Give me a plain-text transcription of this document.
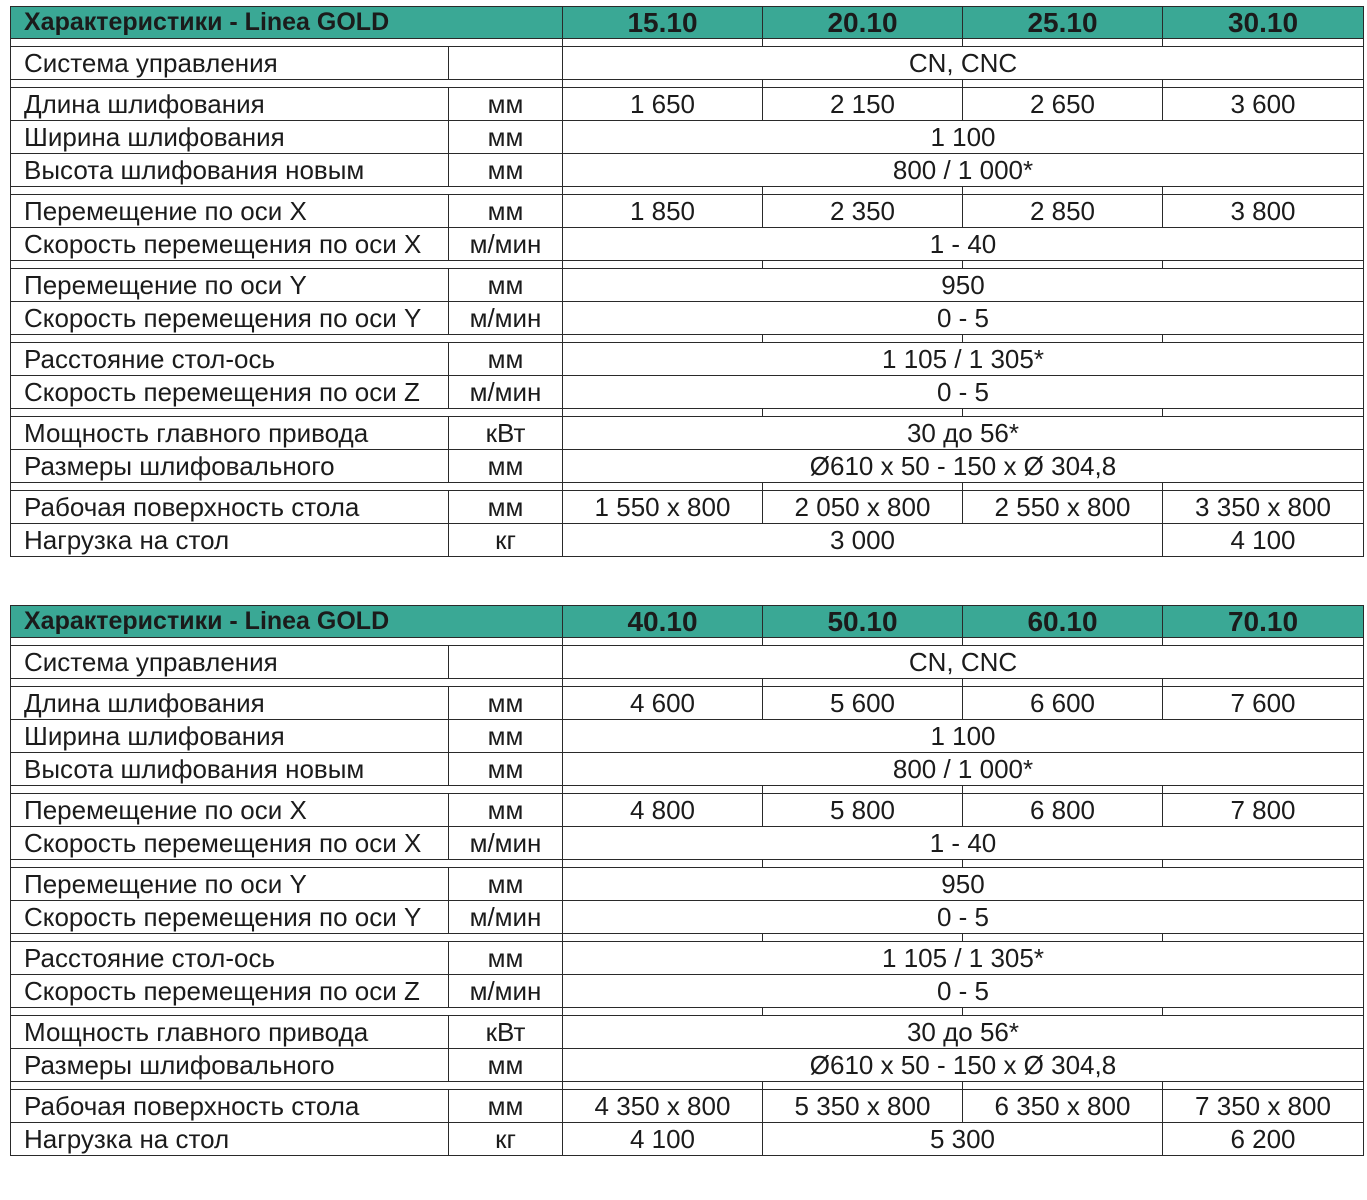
Характеристики - Linea GOLD		15.10	20.10	25.10	30.10

Система управления		CN, CNC			

Длина шлифования	мм	1 650	2 150	2 650	3 600
Ширина шлифования	мм	1 100			
Высота шлифования новым	мм	800 / 1 000*			

Перемещение по оси X	мм	1 850	2 350	2 850	3 800
Скорость перемещения по оси X	м/мин	1 - 40			

Перемещение по оси Y	мм	950			
Скорость перемещения по оси Y	м/мин	0 - 5			

Расстояние стол-ось	мм	1 105 / 1 305*			
Скорость перемещения по оси Z	м/мин	0 - 5			

Мощность главного привода	кВт	30 до 56*			
Размеры шлифовального	мм	Ø610 x 50 - 150 x Ø 304,8			

Рабочая поверхность стола	мм	1 550 x 800	2 050 x 800	2 550 x 800	3 350 x 800
Нагрузка на стол	кг	3 000			4 100
Характеристики - Linea GOLD		40.10	50.10	60.10	70.10

Система управления		CN, CNC			

Длина шлифования	мм	4 600	5 600	6 600	7 600
Ширина шлифования	мм	1 100			
Высота шлифования новым	мм	800 / 1 000*			

Перемещение по оси X	мм	4 800	5 800	6 800	7 800
Скорость перемещения по оси X	м/мин	1 - 40			

Перемещение по оси Y	мм	950			
Скорость перемещения по оси Y	м/мин	0 - 5			

Расстояние стол-ось	мм	1 105 / 1 305*			
Скорость перемещения по оси Z	м/мин	0 - 5			

Мощность главного привода	кВт	30 до 56*			
Размеры шлифовального	мм	Ø610 x 50 - 150 x Ø 304,8			

Рабочая поверхность стола	мм	4 350 x 800	5 350 x 800	6 350 x 800	7 350 x 800
Нагрузка на стол	кг	4 100	5 300		6 200
